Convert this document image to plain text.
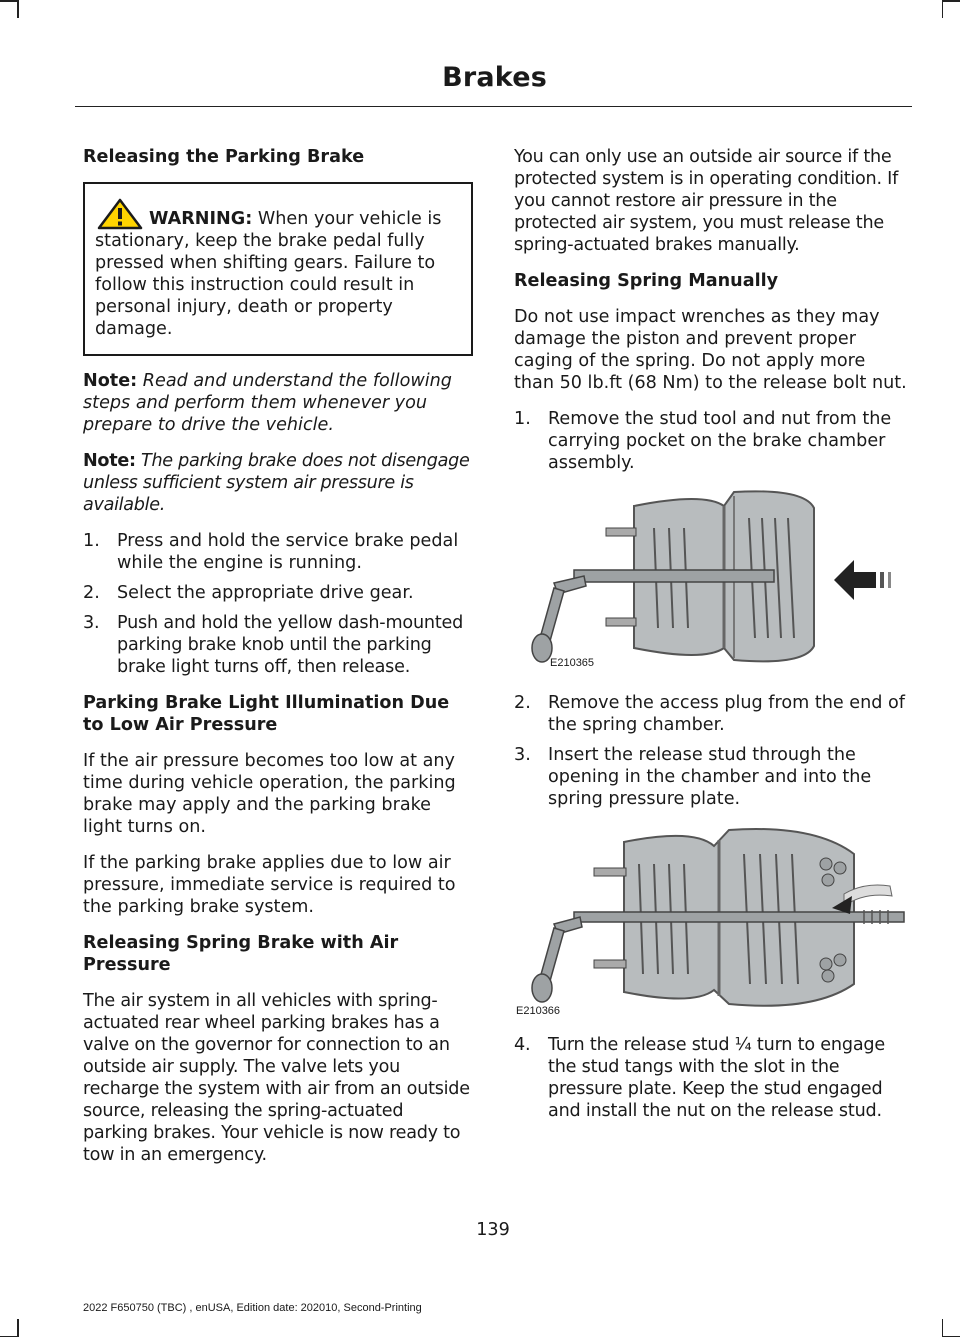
Brakes
Releasing the Parking Brake
WARNING: When your vehicle is stationary, keep the brake pedal fully pressed when shifting gears. Failure to follow this instruction could result in personal injury, death or property damage.

Note: Read and understand the following steps and perform them whenever you prepare to drive the vehicle.

Note: The parking brake does not disengage unless sufficient system air pressure is available.

1. Press and hold the service brake pedal while the engine is running.
2. Select the appropriate drive gear.
3. Push and hold the yellow dash-mounted parking brake knob until the parking brake light turns off, then release.
Parking Brake Light Illumination Due to Low Air Pressure

If the air pressure becomes too low at any time during vehicle operation, the parking brake may apply and the parking brake light turns on.

If the parking brake applies due to low air pressure, immediate service is required to the parking brake system.

Releasing Spring Brake with Air Pressure

The air system in all vehicles with spring-actuated rear wheel parking brakes has a valve on the governor for connection to an outside air supply. The valve lets you recharge the system with air from an outside source, releasing the spring-actuated parking brakes. Your vehicle is now ready to tow in an emergency.

You can only use an outside air source if the protected system is in operating condition. If you cannot restore air pressure in the protected air system, you must release the spring-actuated brakes manually.

Releasing Spring Manually

Do not use impact wrenches as they may damage the piston and prevent proper caging of the spring. Do not apply more than 50 lb.ft (68 Nm) to the release bolt nut.

1. Remove the stud tool and nut from the carrying pocket on the brake chamber assembly.
E210365
2. Remove the access plug from the end of the spring chamber.
3. Insert the release stud through the opening in the chamber and into the spring pressure plate.
E210366
4. Turn the release stud ¼ turn to engage the stud tangs with the slot in the pressure plate. Keep the stud engaged and install the nut on the release stud.
139
2022 F650750 (TBC) , enUSA, Edition date: 202010, Second-Printing
